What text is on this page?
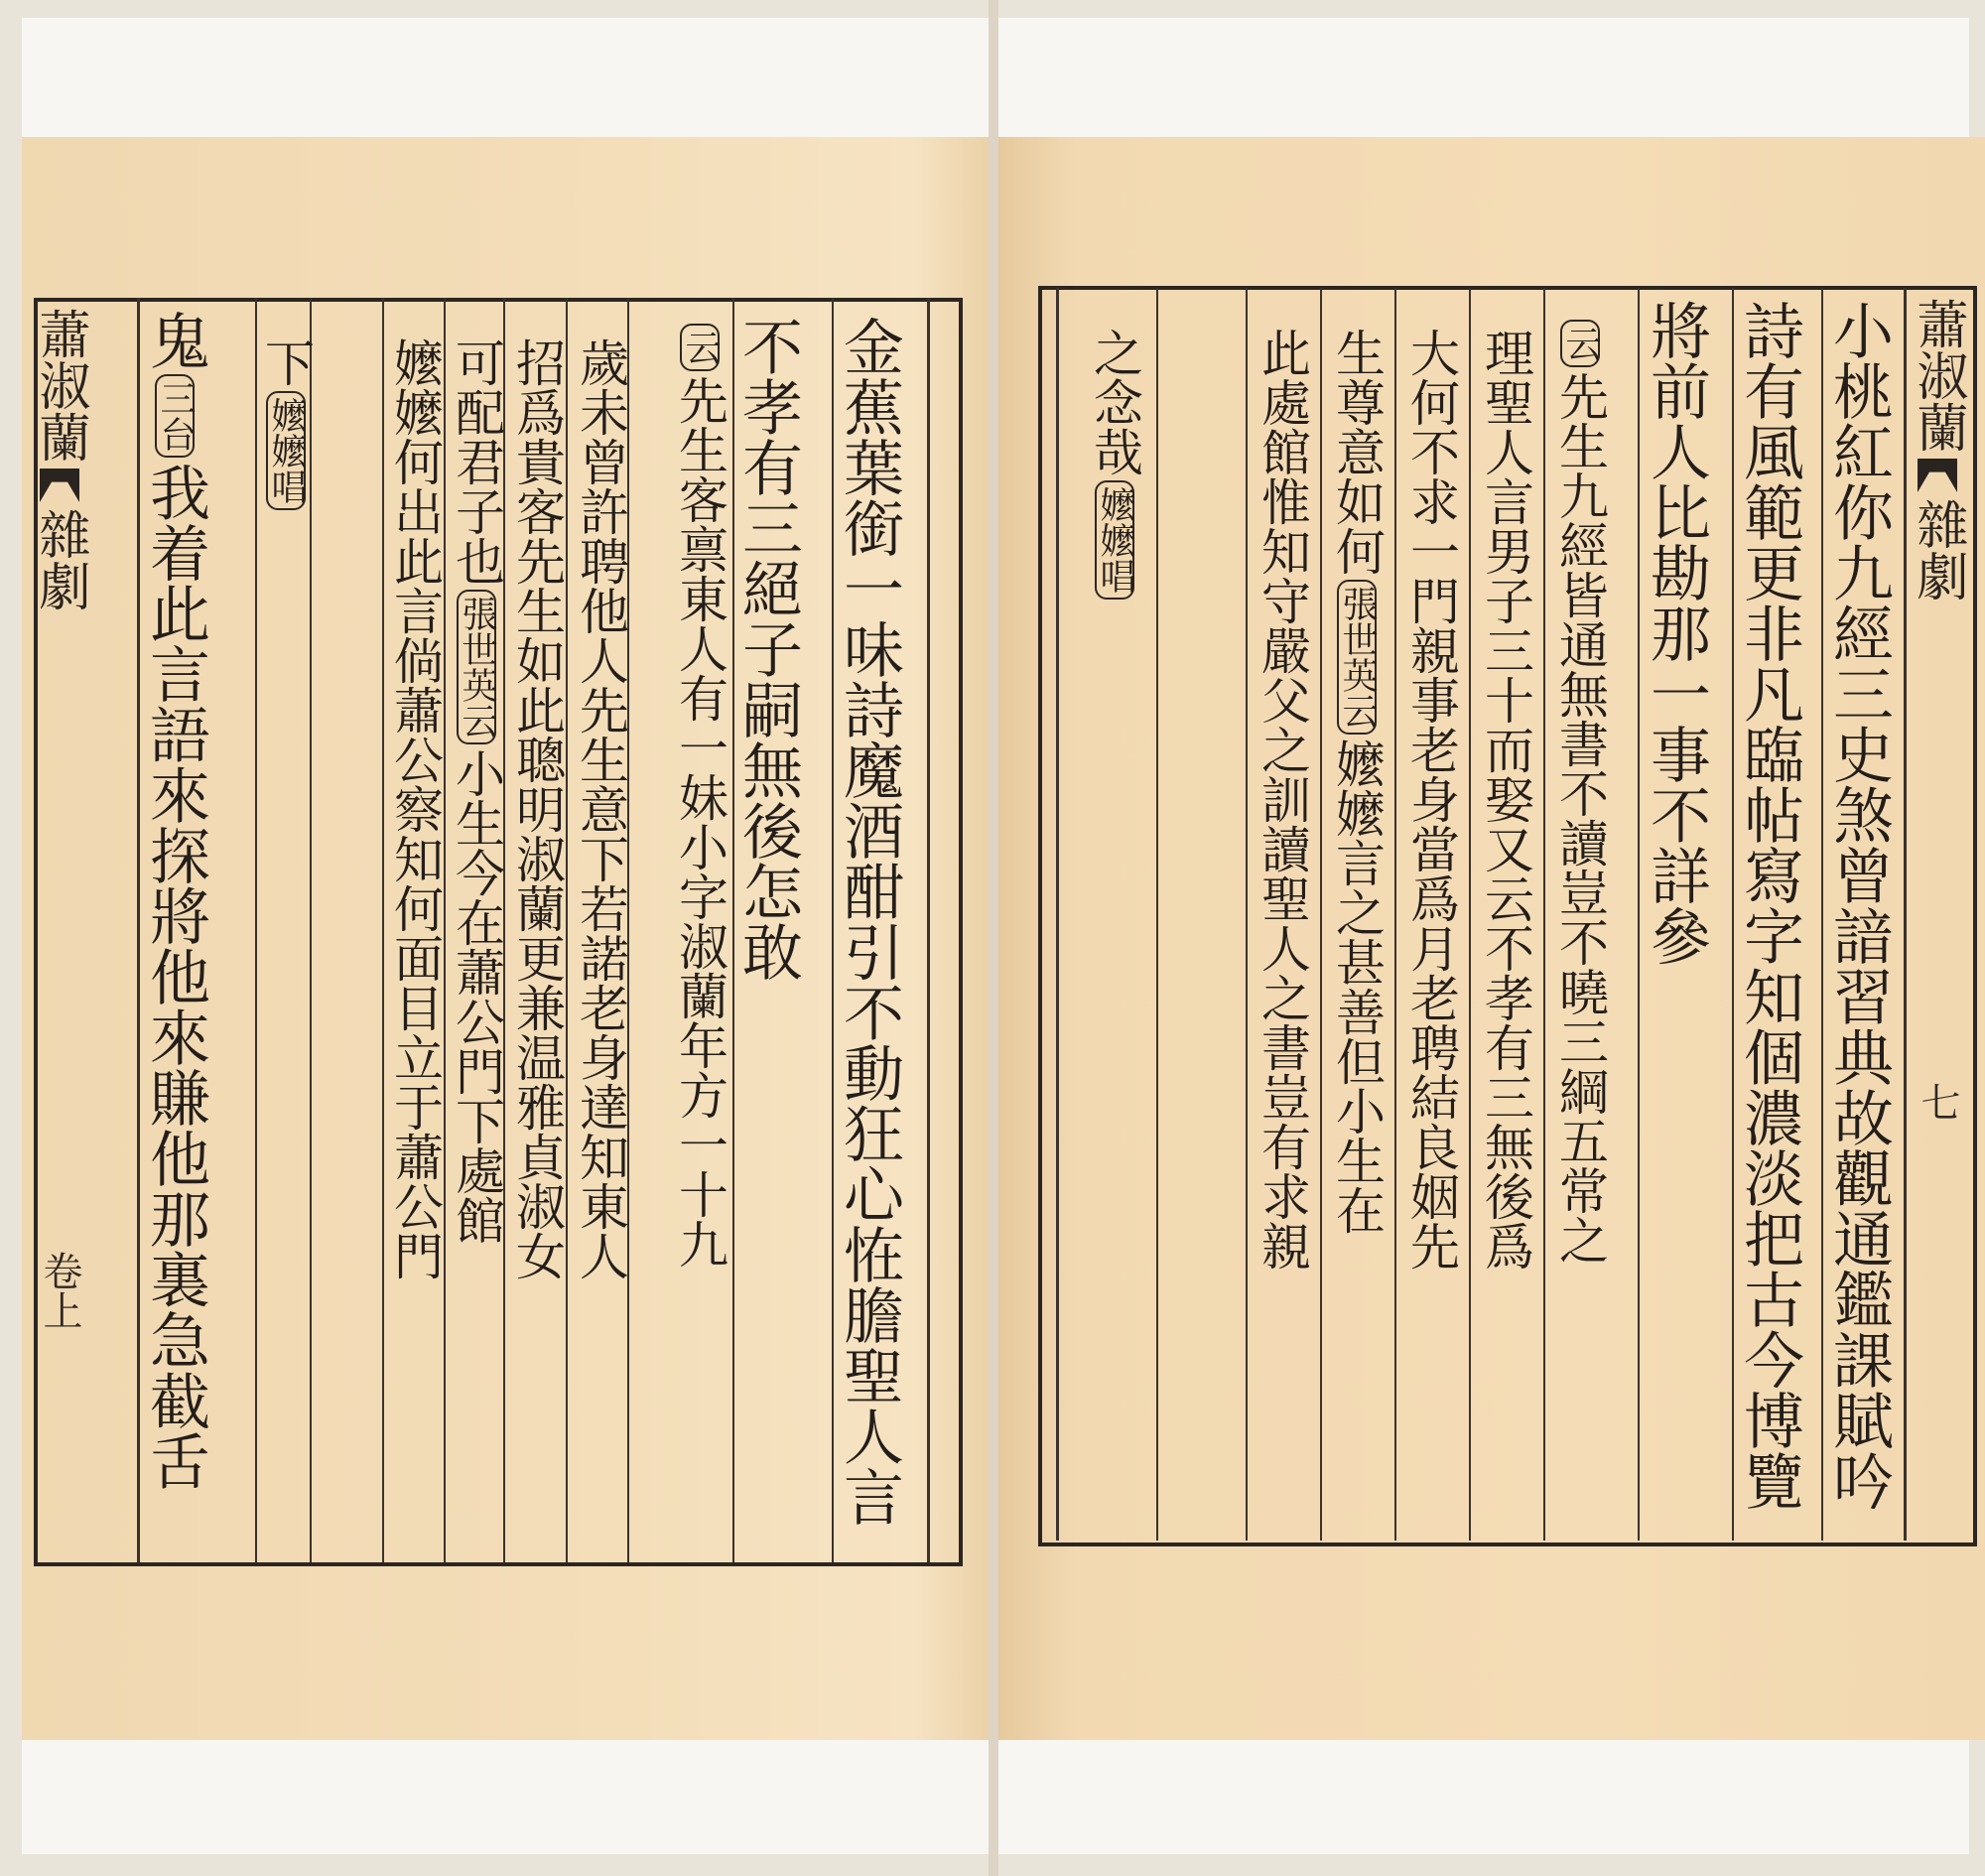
蕭淑蘭雜劇
卷上	金蕉葉銜一味詩魔酒酣引不動狂心恠膽聖人言
不孝有三絕子嗣無後怎敢
云先生客禀東人有一妹小字淑蘭年方一十九
歲未曾許聘他人先生意下若諾老身達知東人
招爲貴客先生如此聰明淑蘭更兼温雅貞淑女
可配君子也張世英云小生今在蕭公門下處館
嬤嬤何出此言倘蕭公察知何面目立于蕭公門
下嬤嬤唱
鬼三台我着此言語來探將他來賺他那裏急截舌
蕭淑蘭雜劇
七
小桃紅你九經三史煞曾諳習典故觀通鑑課賦吟
詩有風範更非凡臨帖寫字知個濃淡把古今博覽
將前人比勘那一事不詳參
云先生九經皆通無書不讀豈不曉三綱五常之
理聖人言男子三十而娶又云不孝有三無後爲
大何不求一門親事老身當爲月老聘結良姻先
生尊意如何張世英云嬤嬤言之甚善但小生在
此處館惟知守嚴父之訓讀聖人之書豈有求親
之念哉嬤嬤唱
